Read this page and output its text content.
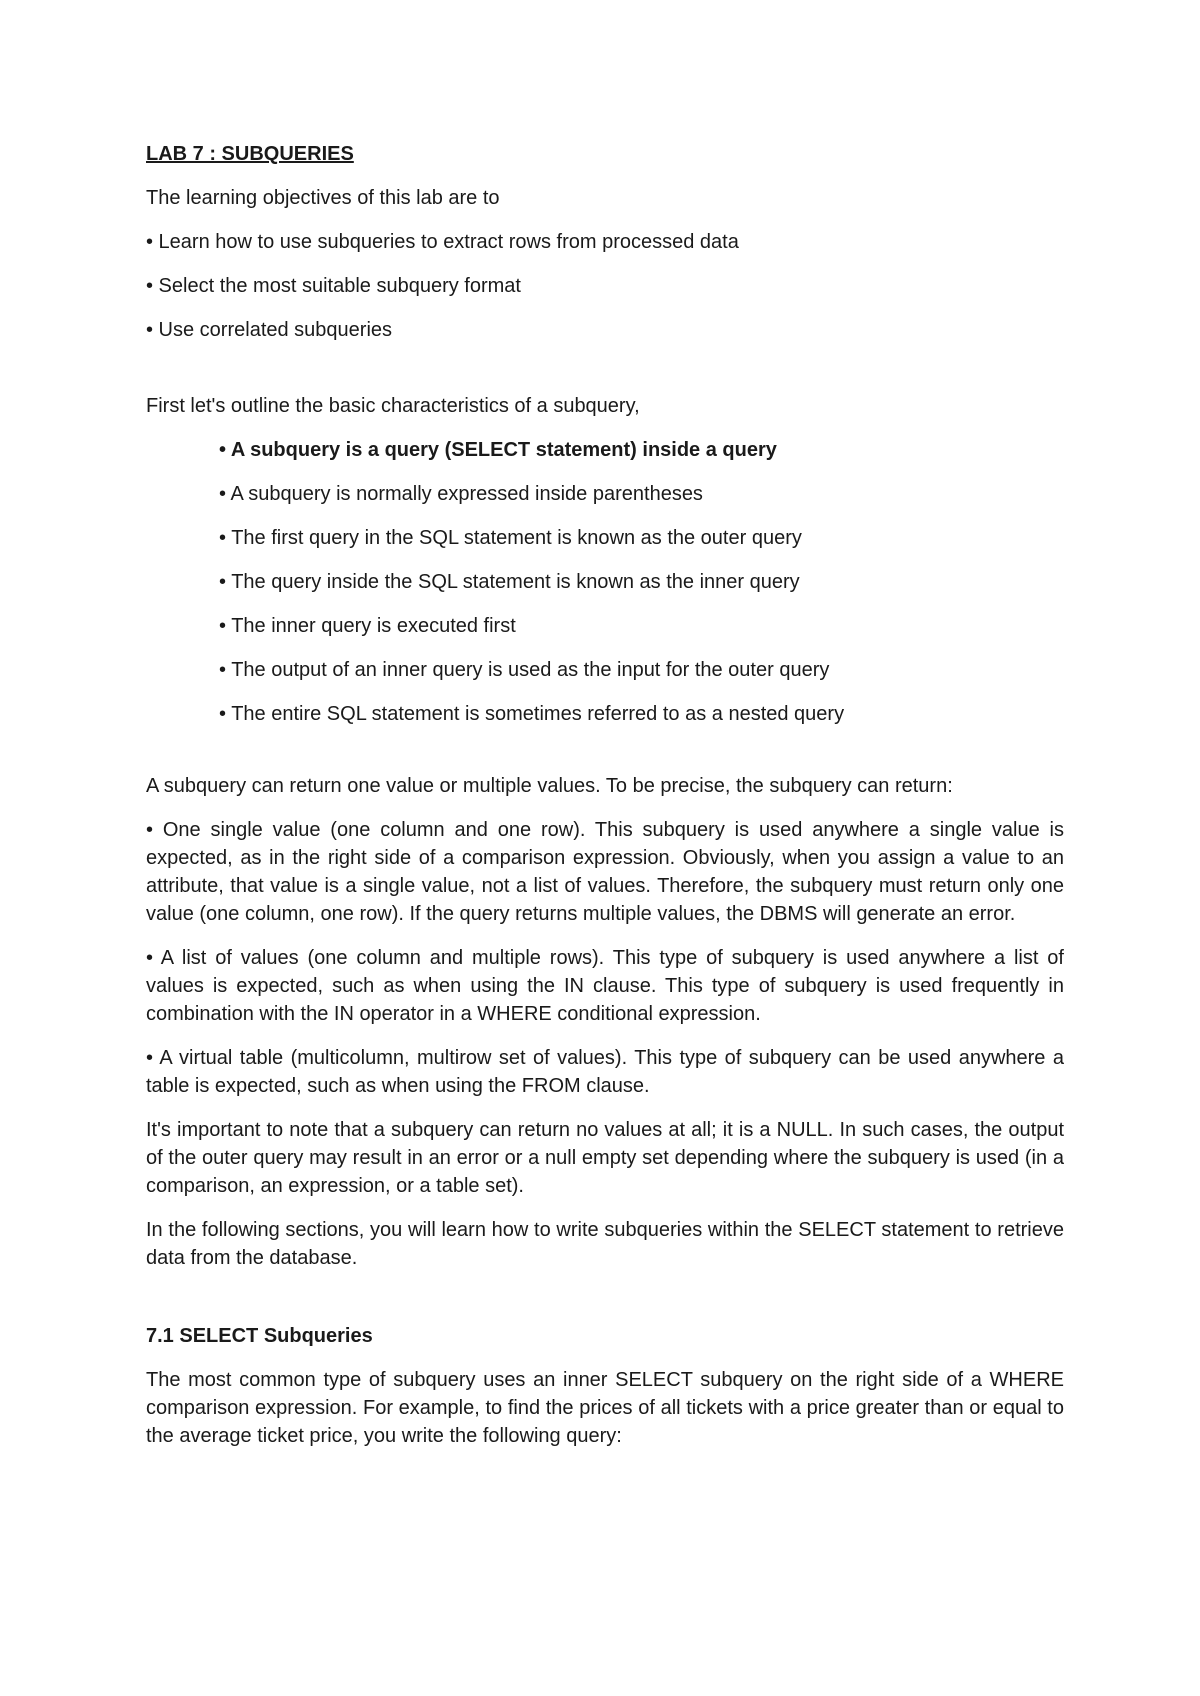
LAB 7 : SUBQUERIES

The learning objectives of this lab are to

• Learn how to use subqueries to extract rows from processed data

• Select the most suitable subquery format

• Use correlated subqueries

First let's outline the basic characteristics of a subquery,

• A subquery is a query (SELECT statement) inside a query

• A subquery is normally expressed inside parentheses

• The first query in the SQL statement is known as the outer query

• The query inside the SQL statement is known as the inner query

• The inner query is executed first

• The output of an inner query is used as the input for the outer query

• The entire SQL statement is sometimes referred to as a nested query

A subquery can return one value or multiple values. To be precise, the subquery can return:

• One single value (one column and one row). This subquery is used anywhere a single value is expected, as in the right side of a comparison expression. Obviously, when you assign a value to an attribute, that value is a single value, not a list of values. Therefore, the subquery must return only one value (one column, one row). If the query returns multiple values, the DBMS will generate an error.

• A list of values (one column and multiple rows). This type of subquery is used anywhere a list of values is expected, such as when using the IN clause. This type of subquery is used frequently in combination with the IN operator in a WHERE conditional expression.

• A virtual table (multicolumn, multirow set of values). This type of subquery can be used anywhere a table is expected, such as when using the FROM clause.

It's important to note that a subquery can return no values at all; it is a NULL. In such cases, the output of the outer query may result in an error or a null empty set depending where the subquery is used (in a comparison, an expression, or a table set).

In the following sections, you will learn how to write subqueries within the SELECT statement to retrieve data from the database.

7.1 SELECT Subqueries

The most common type of subquery uses an inner SELECT subquery on the right side of a WHERE comparison expression. For example, to find the prices of all tickets with a price greater than or equal to the average ticket price, you write the following query:
